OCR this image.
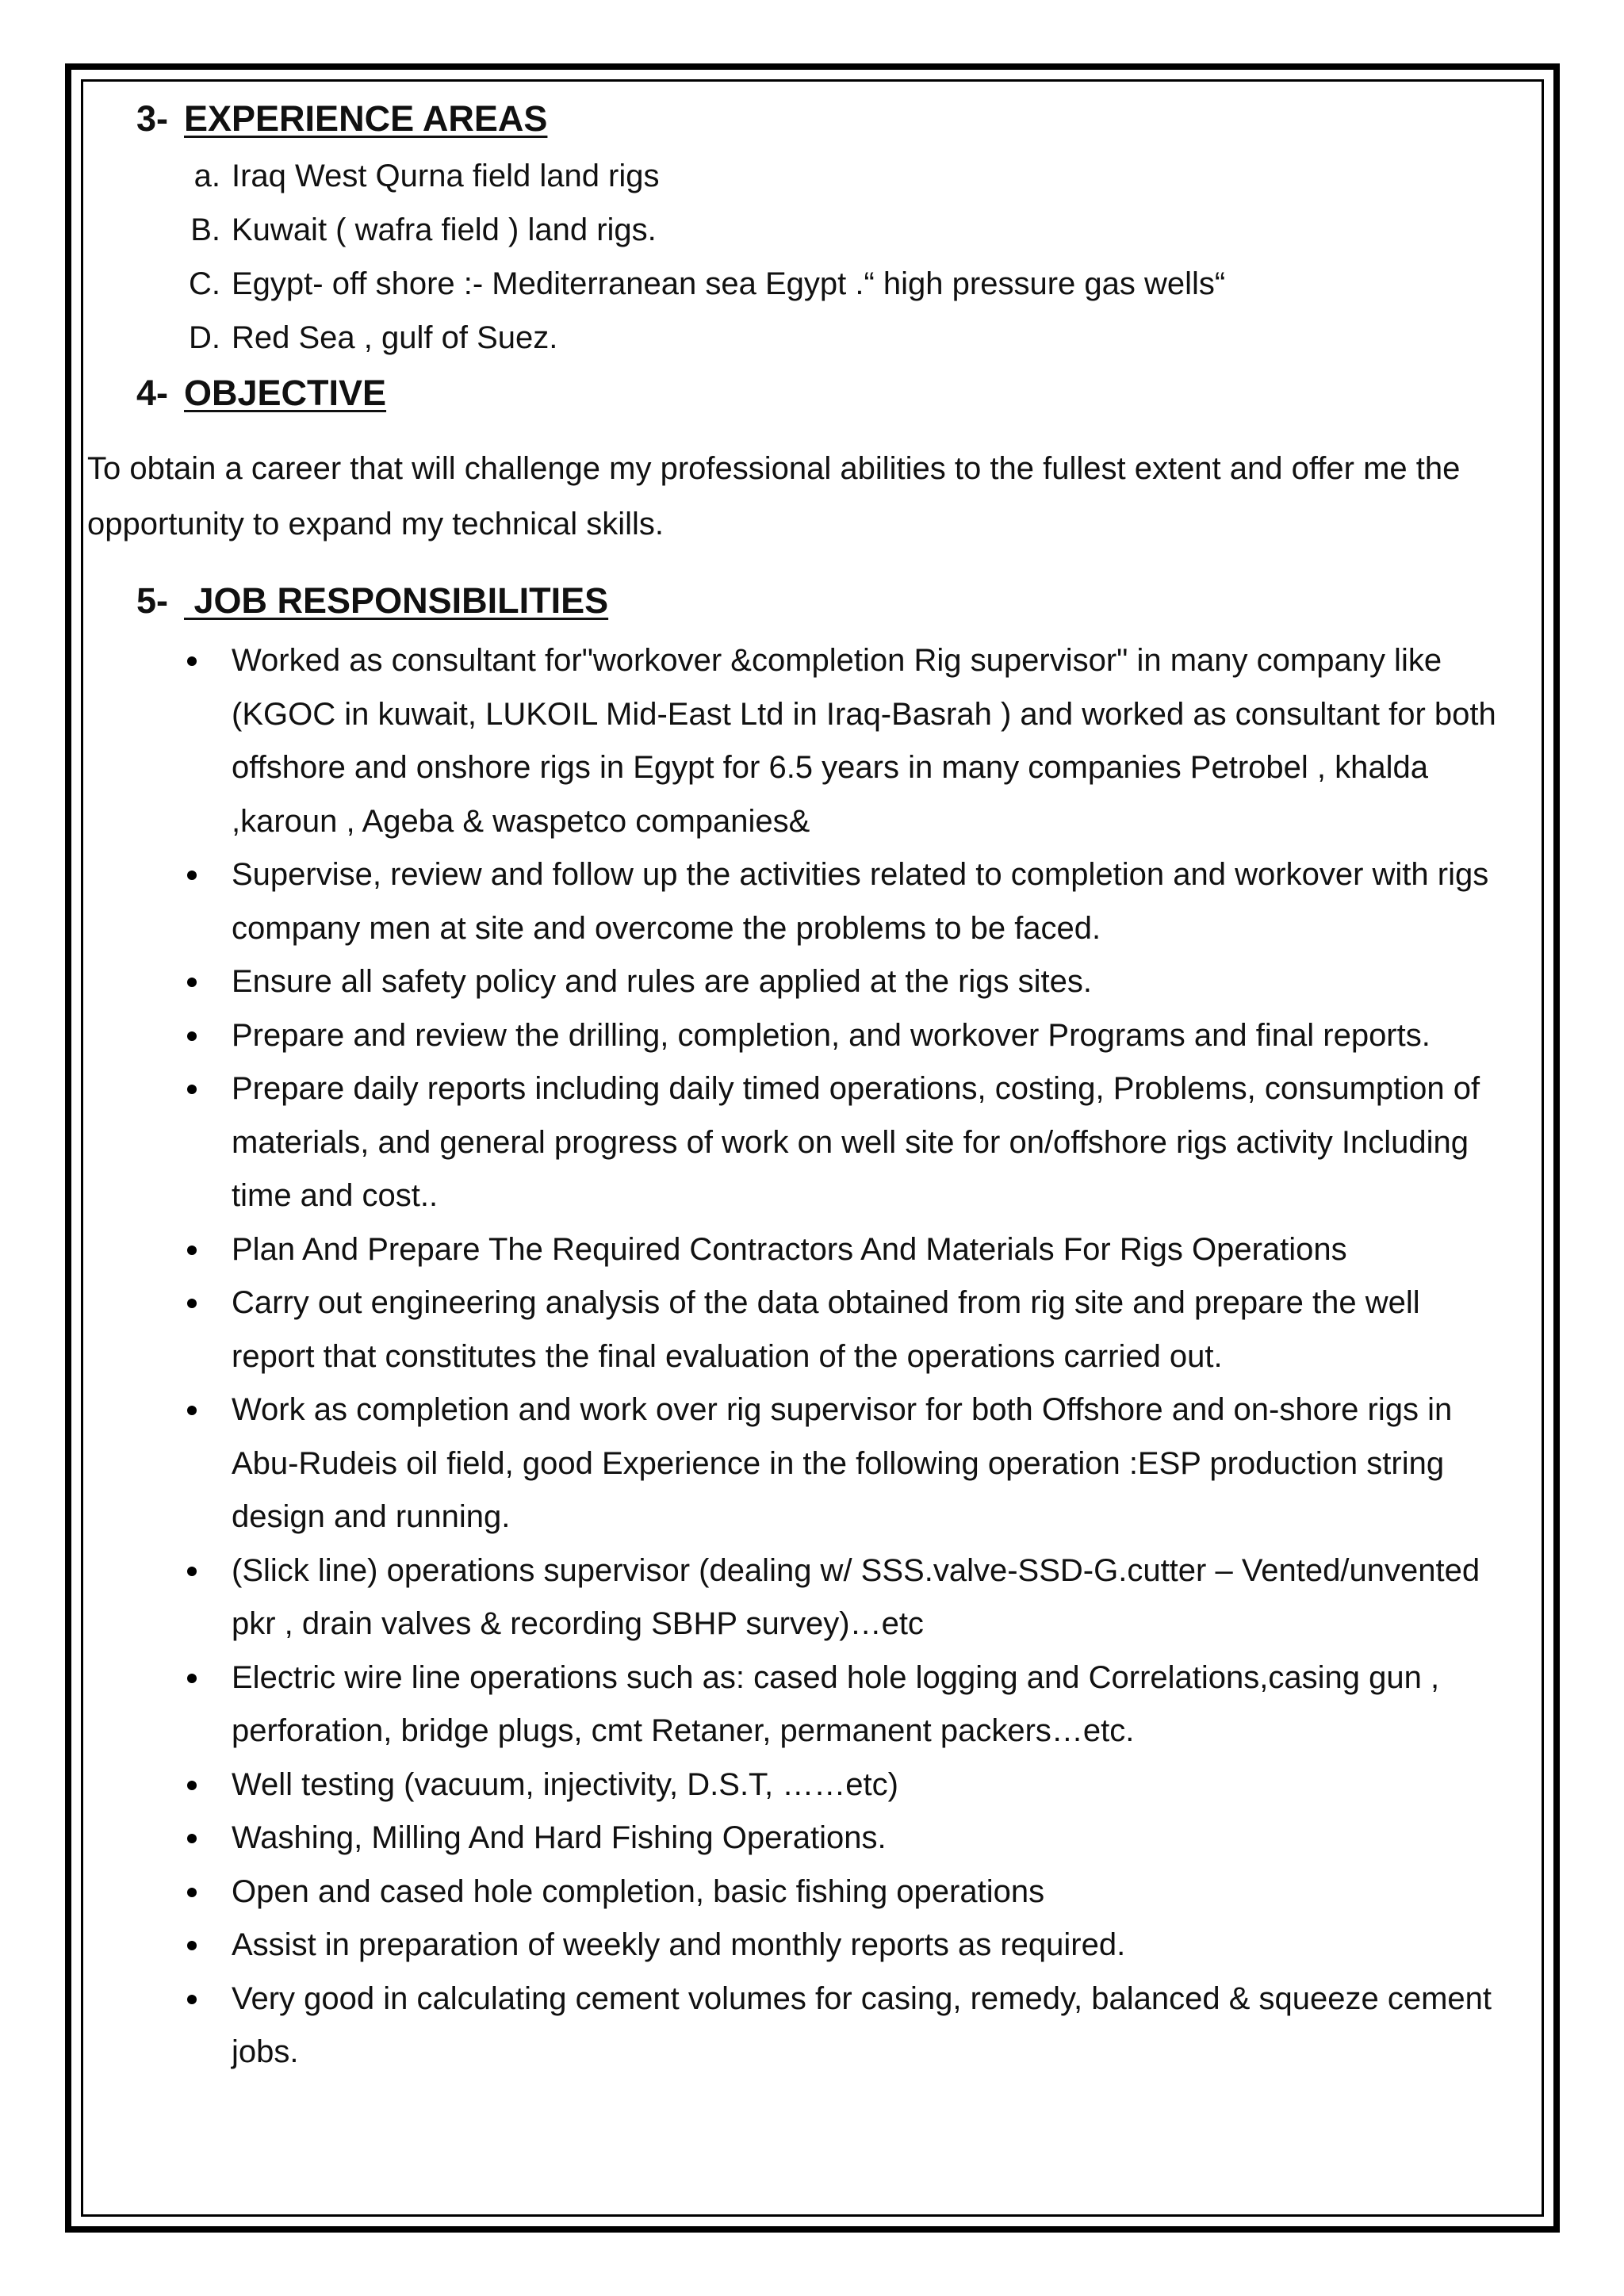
3- EXPERIENCE AREAS
a. Iraq West Qurna field land rigs
B. Kuwait ( wafra field ) land rigs.
C. Egypt- off shore :- Mediterranean sea Egypt .“ high pressure gas wells“
D. Red Sea , gulf of Suez.
4- OBJECTIVE

To obtain a career that will challenge my professional abilities to the fullest extent and offer me the opportunity to expand my technical skills.

5- JOB RESPONSIBILITIES
Worked as consultant for"workover &completion Rig supervisor" in many company like (KGOC in kuwait, LUKOIL Mid-East Ltd in Iraq-Basrah ) and worked as consultant for both offshore and onshore rigs in Egypt for 6.5 years in many companies Petrobel , khalda ,karoun , Ageba & waspetco companies&
Supervise, review and follow up the activities related to completion and workover with rigs company men at site and overcome the problems to be faced.
Ensure all safety policy and rules are applied at the rigs sites.
Prepare and review the drilling, completion, and workover Programs and final reports.
Prepare daily reports including daily timed operations, costing, Problems, consumption of materials, and general progress of work on well site for on/offshore rigs activity Including time and cost..
Plan And Prepare The Required Contractors And Materials For Rigs Operations
Carry out engineering analysis of the data obtained from rig site and prepare the well report that constitutes the final evaluation of the operations carried out.
Work as completion and work over rig supervisor for both Offshore and on-shore rigs in Abu-Rudeis oil field, good Experience in the following operation :ESP production string design and running.
(Slick line) operations supervisor (dealing w/ SSS.valve-SSD-G.cutter – Vented/unvented pkr , drain valves & recording SBHP survey)…etc
Electric wire line operations such as: cased hole logging and Correlations,casing gun , perforation, bridge plugs, cmt Retaner, permanent packers…etc.
Well testing (vacuum, injectivity, D.S.T, ……etc)
Washing, Milling And Hard Fishing Operations.
Open and cased hole completion, basic fishing operations
Assist in preparation of weekly and monthly reports as required.
Very good in calculating cement volumes for casing, remedy, balanced & squeeze cement jobs.
